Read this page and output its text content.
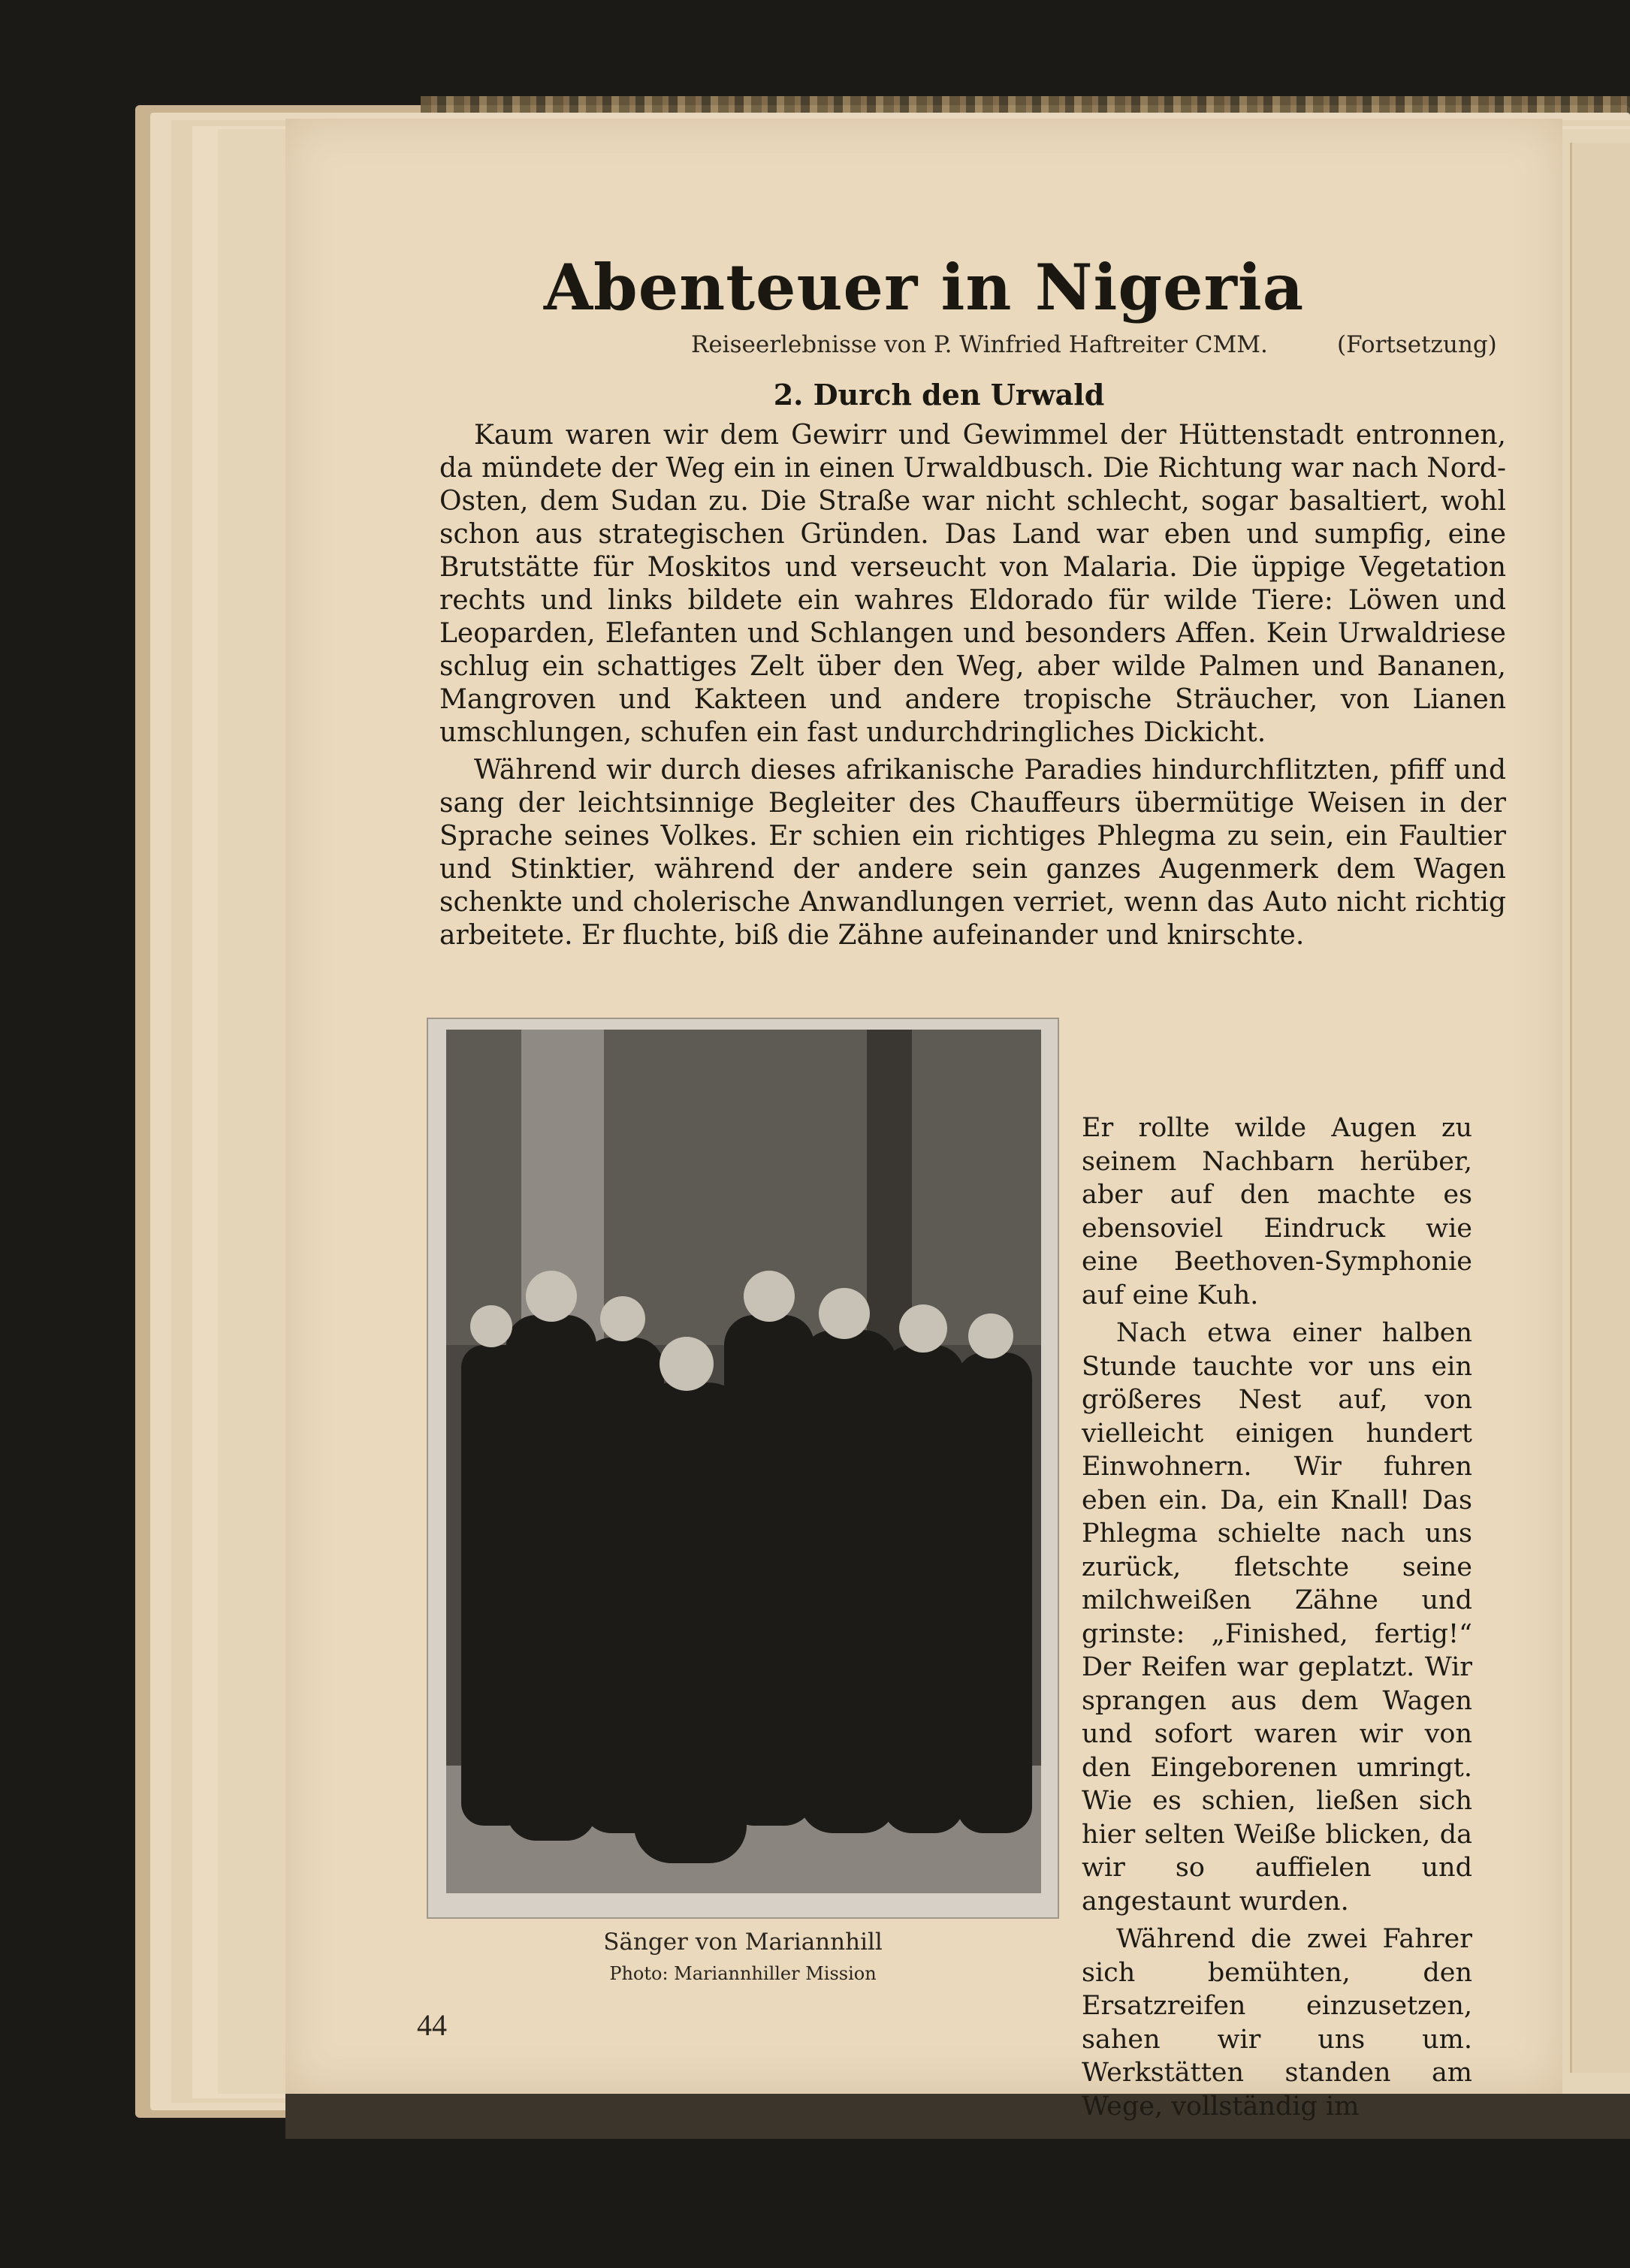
Abenteuer in Nigeria
Reiseerlebnisse von P. Winfried Haftreiter CMM.	(Fortsetzung)
2. Durch den Urwald

Kaum waren wir dem Gewirr und Gewimmel der Hüttenstadt entronnen, da mündete der Weg ein in einen Urwaldbusch. Die Richtung war nach Nord-Osten, dem Sudan zu. Die Straße war nicht schlecht, sogar basaltiert, wohl schon aus strategischen Gründen. Das Land war eben und sumpfig, eine Brutstätte für Moskitos und verseucht von Malaria. Die üppige Vegetation rechts und links bildete ein wahres Eldorado für wilde Tiere: Löwen und Leoparden, Elefanten und Schlangen und besonders Affen. Kein Urwaldriese schlug ein schattiges Zelt über den Weg, aber wilde Palmen und Bananen, Mangroven und Kakteen und andere tropische Sträucher, von Lianen umschlungen, schufen ein fast undurchdringliches Dickicht.

Während wir durch dieses afrikanische Paradies hindurchflitzten, pfiff und sang der leichtsinnige Begleiter des Chauffeurs übermütige Weisen in der Sprache seines Volkes. Er schien ein richtiges Phlegma zu sein, ein Faultier und Stinktier, während der andere sein ganzes Augenmerk dem Wagen schenkte und cholerische Anwandlungen verriet, wenn das Auto nicht richtig arbeitete. Er fluchte, biß die Zähne aufeinander und knirschte.

Sänger von Mariannhill
Photo: Mariannhiller Mission

Er rollte wilde Augen zu seinem Nachbarn herüber, aber auf den machte es ebensoviel Eindruck wie eine Beethoven-Symphonie auf eine Kuh.

Nach etwa einer halben Stunde tauchte vor uns ein größeres Nest auf, von vielleicht einigen hundert Einwohnern. Wir fuhren eben ein. Da, ein Knall! Das Phlegma schielte nach uns zurück, fletschte seine milchweißen Zähne und grinste: „Finished, fertig!“ Der Reifen war geplatzt. Wir sprangen aus dem Wagen und sofort waren wir von den Eingeborenen umringt. Wie es schien, ließen sich hier selten Weiße blicken, da wir so auffielen und angestaunt wurden.

Während die zwei Fahrer sich bemühten, den Ersatzreifen einzusetzen, sahen wir uns um. Werkstätten standen am Wege, vollständig im

44
